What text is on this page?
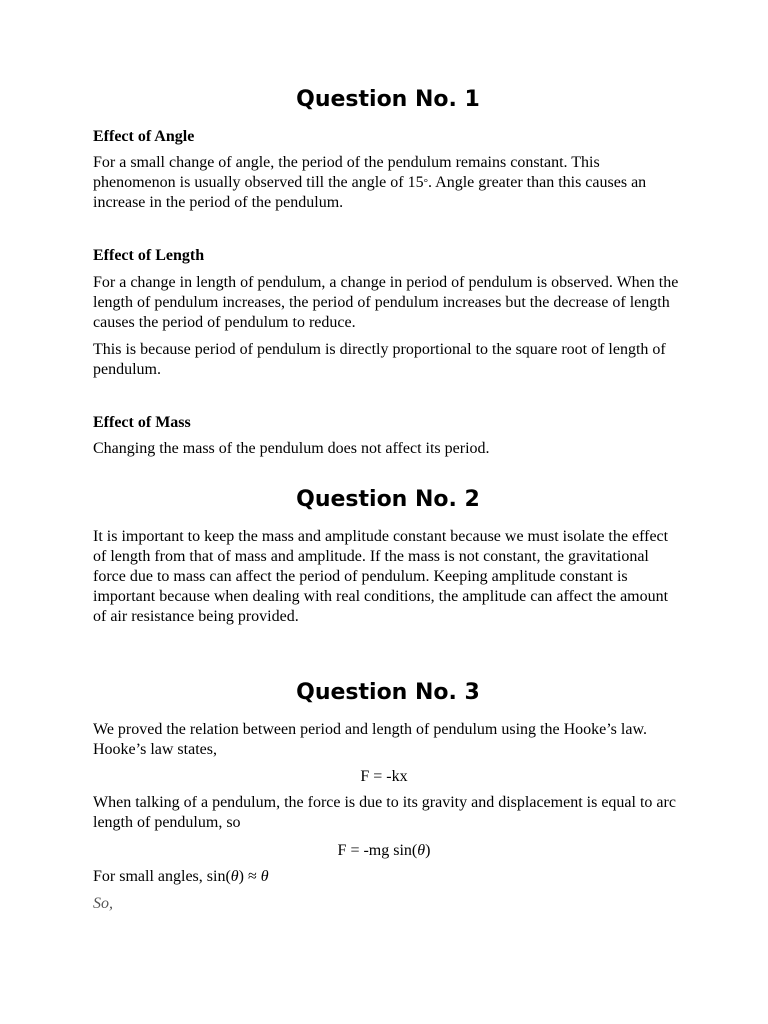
Question No. 1
Effect of Angle

For a small change of angle, the period of the pendulum remains constant. This phenomenon is usually observed till the angle of 15°. Angle greater than this causes an increase in the period of the pendulum.

Effect of Length

For a change in length of pendulum, a change in period of pendulum is observed. When the length of pendulum increases, the period of pendulum increases but the decrease of length causes the period of pendulum to reduce.

This is because period of pendulum is directly proportional to the square root of length of pendulum.

Effect of Mass

Changing the mass of the pendulum does not affect its period.

Question No. 2

It is important to keep the mass and amplitude constant because we must isolate the effect of length from that of mass and amplitude. If the mass is not constant, the gravitational force due to mass can affect the period of pendulum. Keeping amplitude constant is important because when dealing with real conditions, the amplitude can affect the amount of air resistance being provided.

Question No. 3

We proved the relation between period and length of pendulum using the Hooke’s law. Hooke’s law states,

F = -kx

When talking of a pendulum, the force is due to its gravity and displacement is equal to arc length of pendulum, so

F = -mg sin(θ)

For small angles, sin(θ) ≈ θ

So,
